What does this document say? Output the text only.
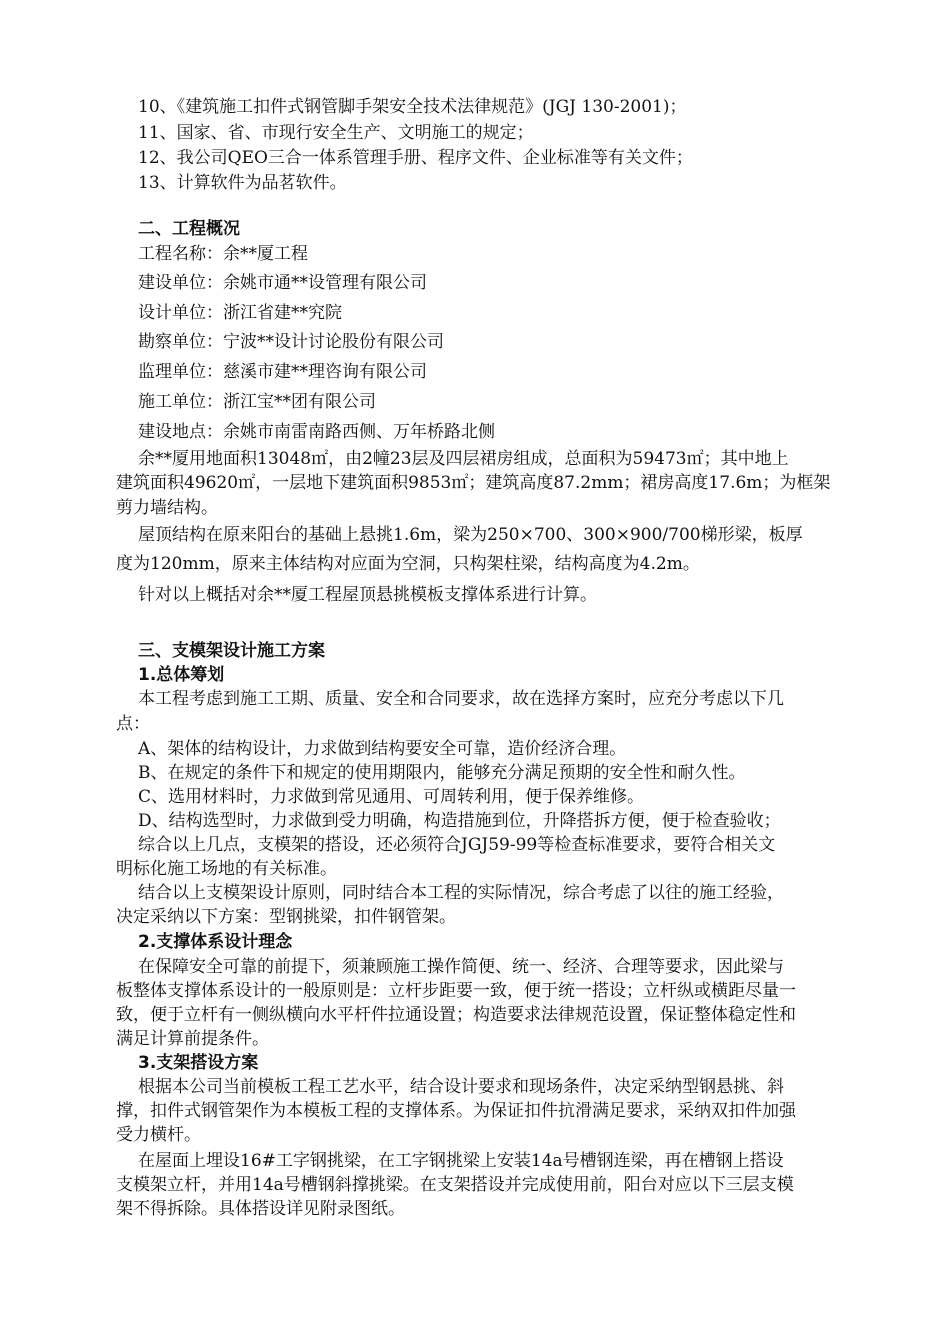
10、《建筑施工扣件式钢管脚手架安全技术法律规范》(JGJ 130-2001)；
11、国家、省、市现行安全生产、文明施工的规定；
12、我公司QEO三合一体系管理手册、程序文件、企业标准等有关文件；
13、计算软件为品茗软件。
二、工程概况
工程名称：余**厦工程
建设单位：余姚市通**设管理有限公司
设计单位：浙江省建**究院
勘察单位：宁波**设计讨论股份有限公司
监理单位：慈溪市建**理咨询有限公司
施工单位：浙江宝**团有限公司
建设地点：余姚市南雷南路西侧、万年桥路北侧
余**厦用地面积13048㎡，由2幢23层及四层裙房组成，总面积为59473㎡；其中地上
建筑面积49620㎡，一层地下建筑面积9853㎡；建筑高度87.2mm；裙房高度17.6m；为框架
剪力墙结构。
屋顶结构在原来阳台的基础上悬挑1.6m，梁为250×700、300×900/700梯形梁，板厚
度为120mm，原来主体结构对应面为空洞，只构架柱梁，结构高度为4.2m。
针对以上概括对余**厦工程屋顶悬挑模板支撑体系进行计算。
三、支模架设计施工方案
1.总体筹划
本工程考虑到施工工期、质量、安全和合同要求，故在选择方案时，应充分考虑以下几
点：
A、架体的结构设计，力求做到结构要安全可靠，造价经济合理。
B、在规定的条件下和规定的使用期限内，能够充分满足预期的安全性和耐久性。
C、选用材料时，力求做到常见通用、可周转利用，便于保养维修。
D、结构选型时，力求做到受力明确，构造措施到位，升降搭拆方便，便于检查验收；
综合以上几点，支模架的搭设，还必须符合JGJ59-99等检查标准要求，要符合相关文
明标化施工场地的有关标准。
结合以上支模架设计原则，同时结合本工程的实际情况，综合考虑了以往的施工经验，
决定采纳以下方案：型钢挑梁，扣件钢管架。
2.支撑体系设计理念
在保障安全可靠的前提下，须兼顾施工操作简便、统一、经济、合理等要求，因此梁与
板整体支撑体系设计的一般原则是：立杆步距要一致，便于统一搭设；立杆纵或横距尽量一
致，便于立杆有一侧纵横向水平杆件拉通设置；构造要求法律规范设置，保证整体稳定性和
满足计算前提条件。
3.支架搭设方案
根据本公司当前模板工程工艺水平，结合设计要求和现场条件，决定采纳型钢悬挑、斜
撑，扣件式钢管架作为本模板工程的支撑体系。为保证扣件抗滑满足要求，采纳双扣件加强
受力横杆。
在屋面上埋设16#工字钢挑梁，在工字钢挑梁上安装14a号槽钢连梁，再在槽钢上搭设
支模架立杆，并用14a号槽钢斜撑挑梁。在支架搭设并完成使用前，阳台对应以下三层支模
架不得拆除。具体搭设详见附录图纸。
